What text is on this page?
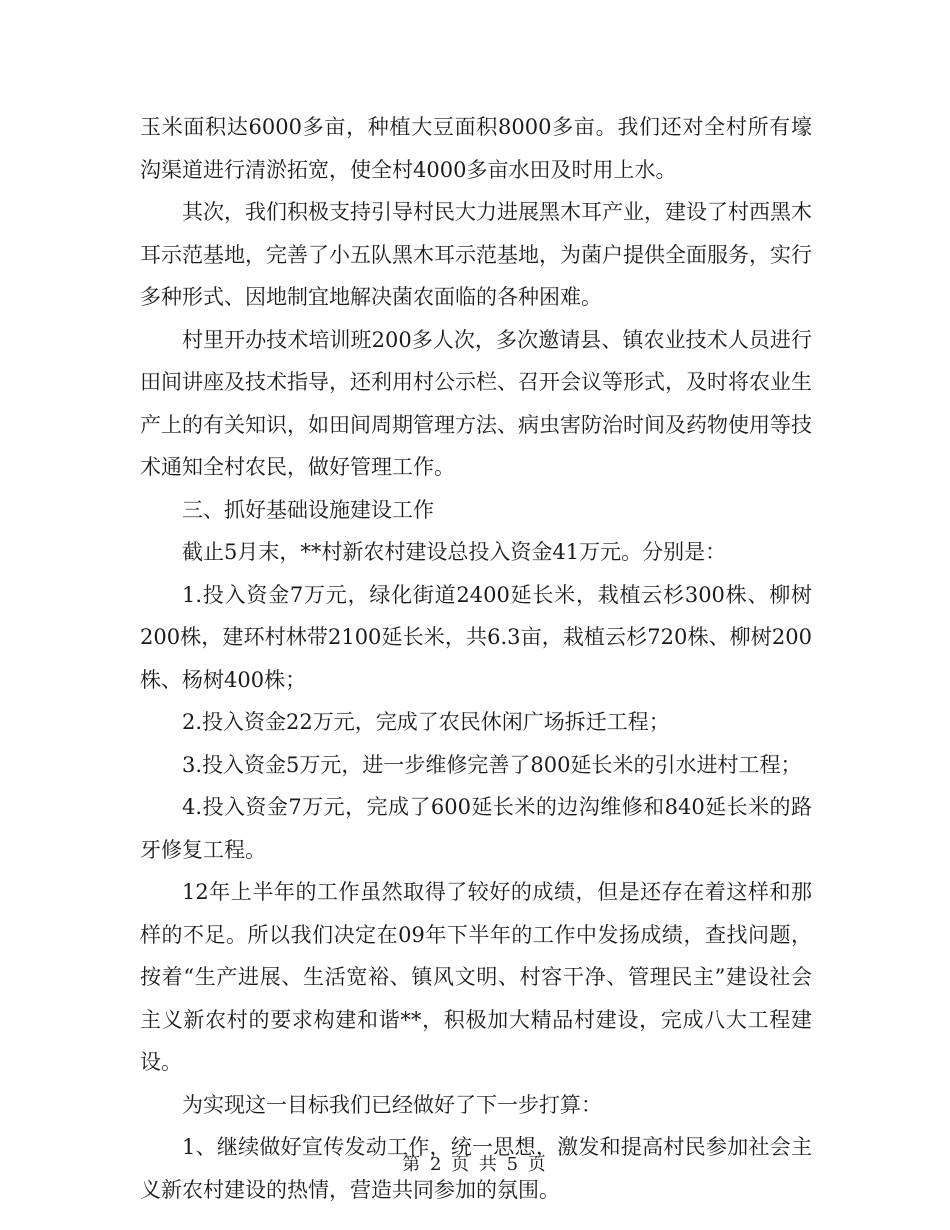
玉米面积达6000多亩，种植大豆面积8000多亩。我们还对全村所有壕沟渠道进行清淤拓宽，使全村4000多亩水田及时用上水。

其次，我们积极支持引导村民大力进展黑木耳产业，建设了村西黑木耳示范基地，完善了小五队黑木耳示范基地，为菌户提供全面服务，实行多种形式、因地制宜地解决菌农面临的各种困难。

村里开办技术培训班200多人次，多次邀请县、镇农业技术人员进行田间讲座及技术指导，还利用村公示栏、召开会议等形式，及时将农业生产上的有关知识，如田间周期管理方法、病虫害防治时间及药物使用等技术通知全村农民，做好管理工作。

三、抓好基础设施建设工作

截止5月末，**村新农村建设总投入资金41万元。分别是：

1.投入资金7万元，绿化街道2400延长米，栽植云杉300株、柳树200株，建环村林带2100延长米，共6.3亩，栽植云杉720株、柳树200株、杨树400株；

2.投入资金22万元，完成了农民休闲广场拆迁工程；

3.投入资金5万元，进一步维修完善了800延长米的引水进村工程；

4.投入资金7万元，完成了600延长米的边沟维修和840延长米的路牙修复工程。

12年上半年的工作虽然取得了较好的成绩，但是还存在着这样和那样的不足。所以我们决定在09年下半年的工作中发扬成绩，查找问题，按着“生产进展、生活宽裕、镇风文明、村容干净、管理民主”建设社会主义新农村的要求构建和谐**，积极加大精品村建设，完成八大工程建设。

为实现这一目标我们已经做好了下一步打算：

1、继续做好宣传发动工作，统一思想，激发和提高村民参加社会主义新农村建设的热情，营造共同参加的氛围。

第 2 页 共 5 页
